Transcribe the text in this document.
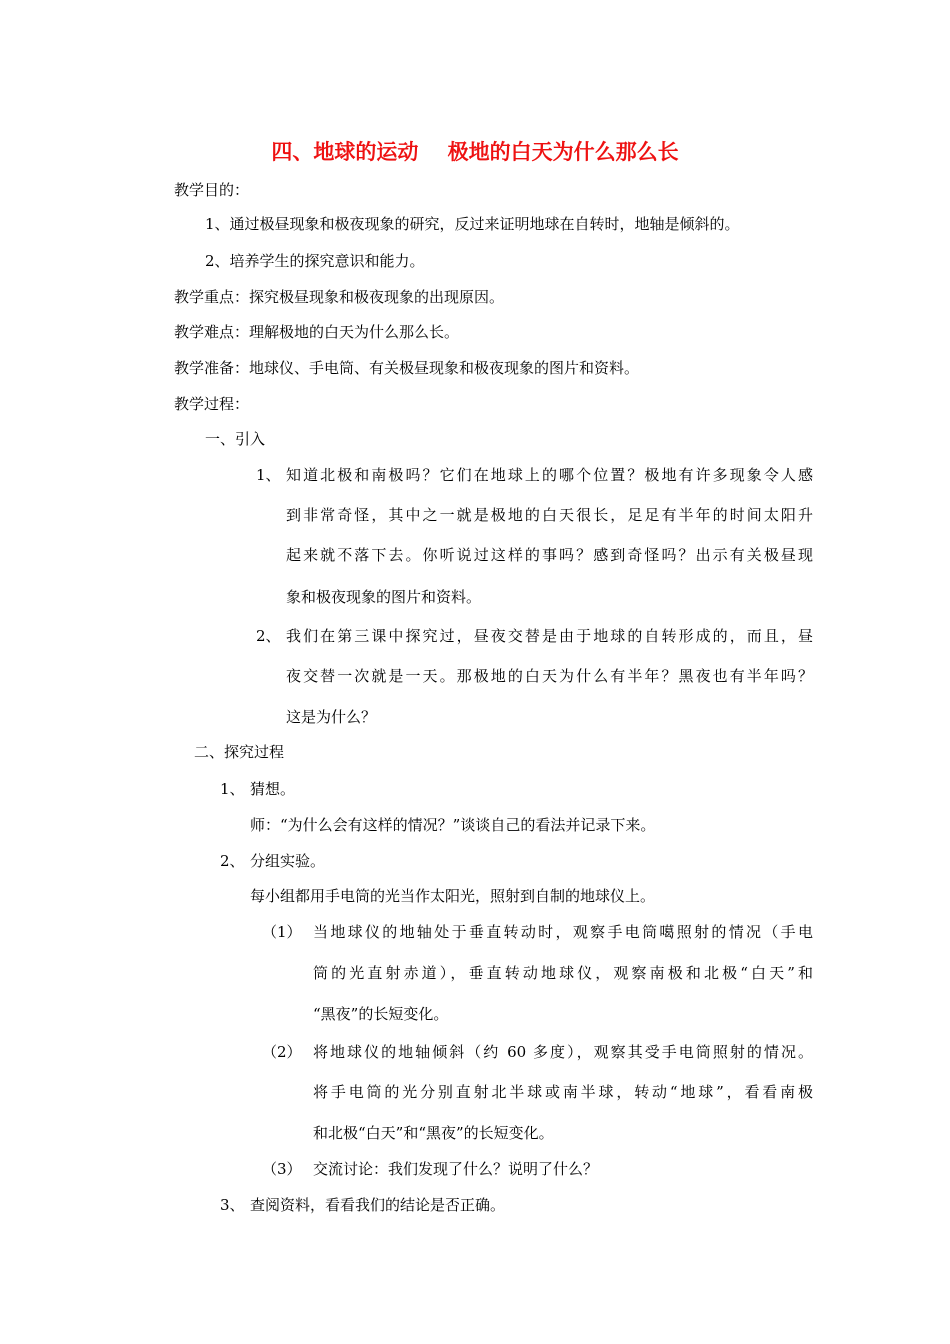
四、地球的运动    极地的白天为什么那么长
教学目的：
1、通过极昼现象和极夜现象的研究，反过来证明地球在自转时，地轴是倾斜的。
2、培养学生的探究意识和能力。
教学重点：探究极昼现象和极夜现象的出现原因。
教学难点：理解极地的白天为什么那么长。
教学准备：地球仪、手电筒、有关极昼现象和极夜现象的图片和资料。
教学过程：
一、引入
1、 知道北极和南极吗？它们在地球上的哪个位置？极地有许多现象令人感
到非常奇怪，其中之一就是极地的白天很长，足足有半年的时间太阳升
起来就不落下去。你听说过这样的事吗？感到奇怪吗？出示有关极昼现
象和极夜现象的图片和资料。
2、 我们在第三课中探究过，昼夜交替是由于地球的自转形成的，而且，昼
夜交替一次就是一天。那极地的白天为什么有半年？黑夜也有半年吗？
这是为什么？
二、探究过程
1、 猜想。
师：“为什么会有这样的情况？”谈谈自己的看法并记录下来。
2、 分组实验。
每小组都用手电筒的光当作太阳光，照射到自制的地球仪上。
（1） 当地球仪的地轴处于垂直转动时，观察手电筒噶照射的情况（手电
筒的光直射赤道），垂直转动地球仪，观察南极和北极“白天”和
“黑夜”的长短变化。
（2） 将地球仪的地轴倾斜（约 60 多度），观察其受手电筒照射的情况。
将手电筒的光分别直射北半球或南半球，转动“地球”，看看南极
和北极“白天”和“黑夜”的长短变化。
（3） 交流讨论：我们发现了什么？说明了什么？
3、 查阅资料，看看我们的结论是否正确。
